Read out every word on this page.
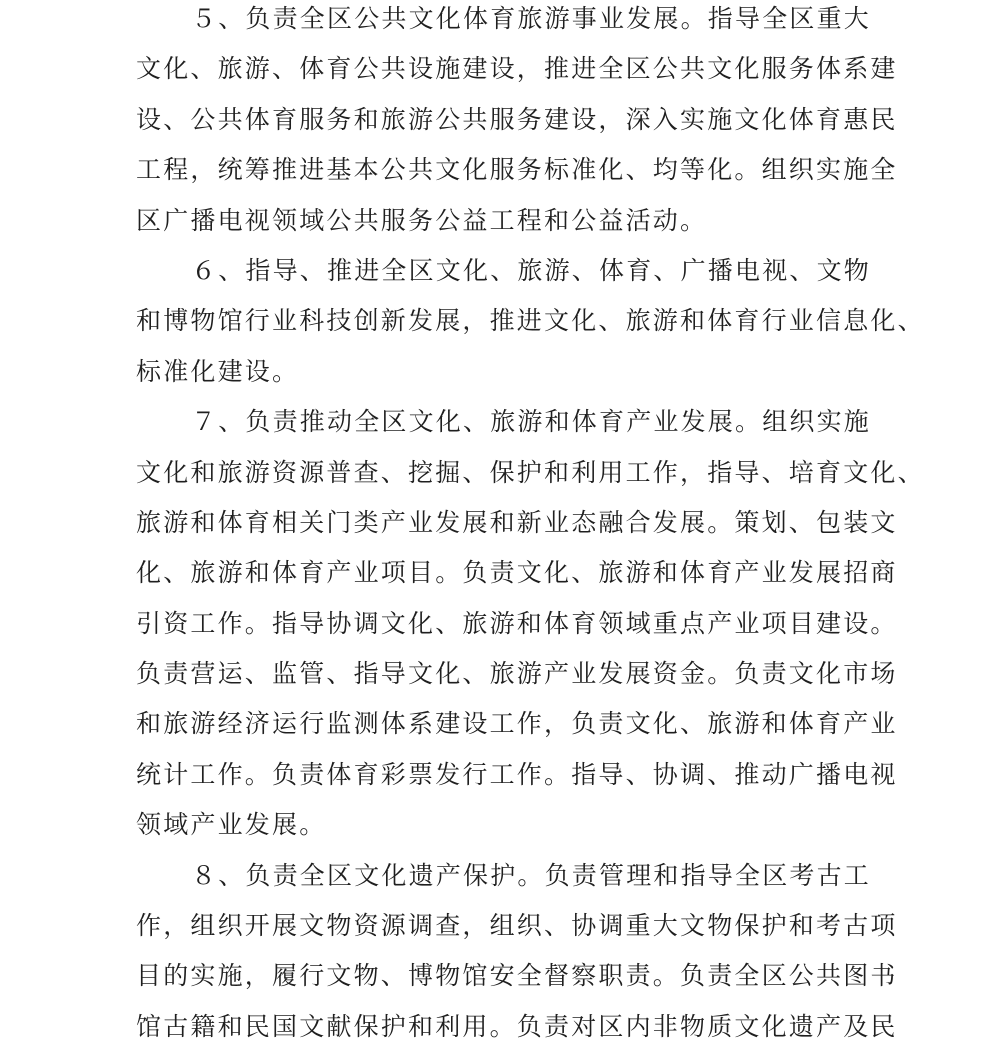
５、负责全区公共文化体育旅游事业发展。指导全区重大
文化、旅游、体育公共设施建设，推进全区公共文化服务体系建
设、公共体育服务和旅游公共服务建设，深入实施文化体育惠民
工程，统筹推进基本公共文化服务标准化、均等化。组织实施全
区广播电视领域公共服务公益工程和公益活动。
６、指导、推进全区文化、旅游、体育、广播电视、文物
和博物馆行业科技创新发展，推进文化、旅游和体育行业信息化、
标准化建设。
７、负责推动全区文化、旅游和体育产业发展。组织实施
文化和旅游资源普查、挖掘、保护和利用工作，指导、培育文化、
旅游和体育相关门类产业发展和新业态融合发展。策划、包装文
化、旅游和体育产业项目。负责文化、旅游和体育产业发展招商
引资工作。指导协调文化、旅游和体育领域重点产业项目建设。
负责营运、监管、指导文化、旅游产业发展资金。负责文化市场
和旅游经济运行监测体系建设工作，负责文化、旅游和体育产业
统计工作。负责体育彩票发行工作。指导、协调、推动广播电视
领域产业发展。
８、负责全区文化遗产保护。负责管理和指导全区考古工
作，组织开展文物资源调查，组织、协调重大文物保护和考古项
目的实施，履行文物、博物馆安全督察职责。负责全区公共图书
馆古籍和民国文献保护和利用。负责对区内非物质文化遗产及民
